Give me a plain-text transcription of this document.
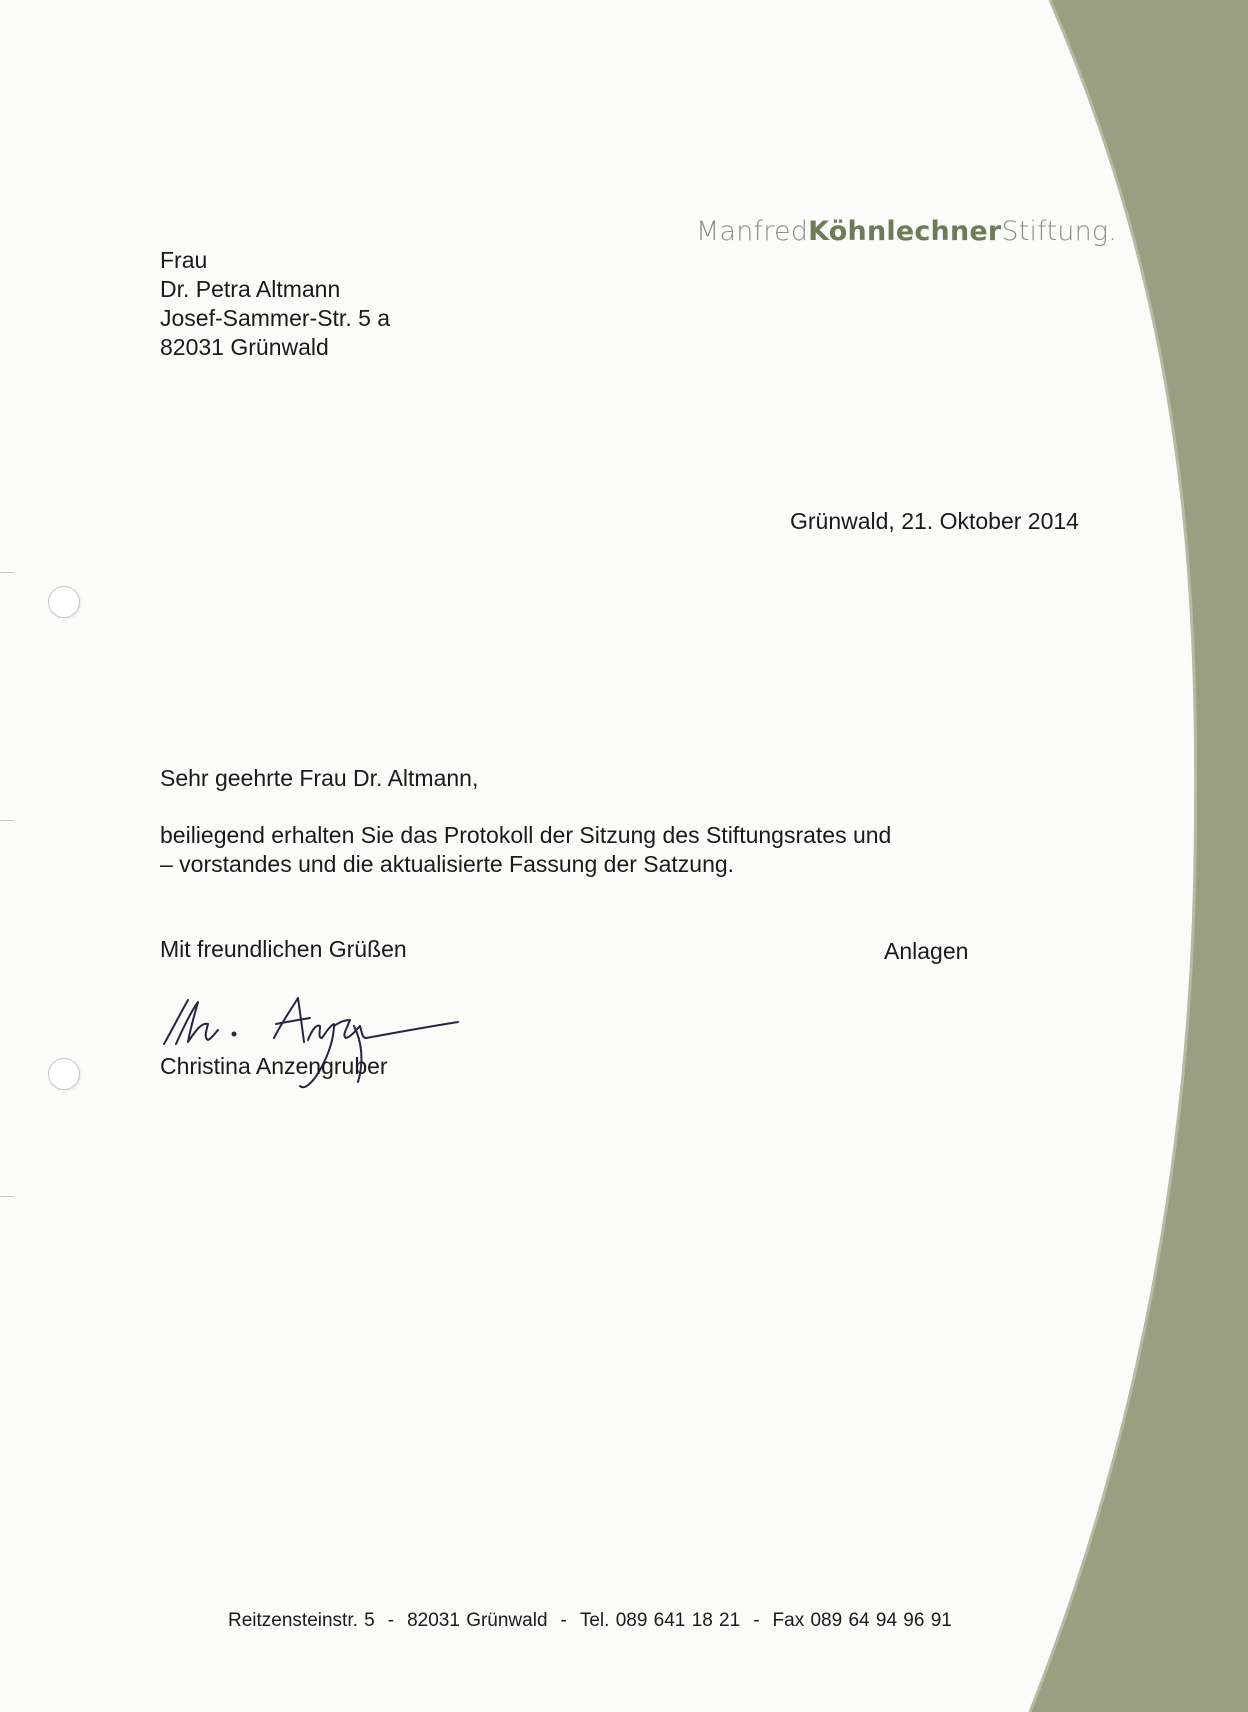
ManfredKöhnlechnerStiftung.
Frau
Dr. Petra Altmann
Josef-Sammer-Str. 5 a
82031 Grünwald
Grünwald, 21. Oktober 2014
Sehr geehrte Frau Dr. Altmann,
beiliegend erhalten Sie das Protokoll der Sitzung des Stiftungsrates und
– vorstandes und die aktualisierte Fassung der Satzung.
Mit freundlichen Grüßen	Anlagen
Christina Anzengruber
Reitzensteinstr. 5 - 82031 Grünwald - Tel. 089 641 18 21 - Fax 089 64 94 96 91
